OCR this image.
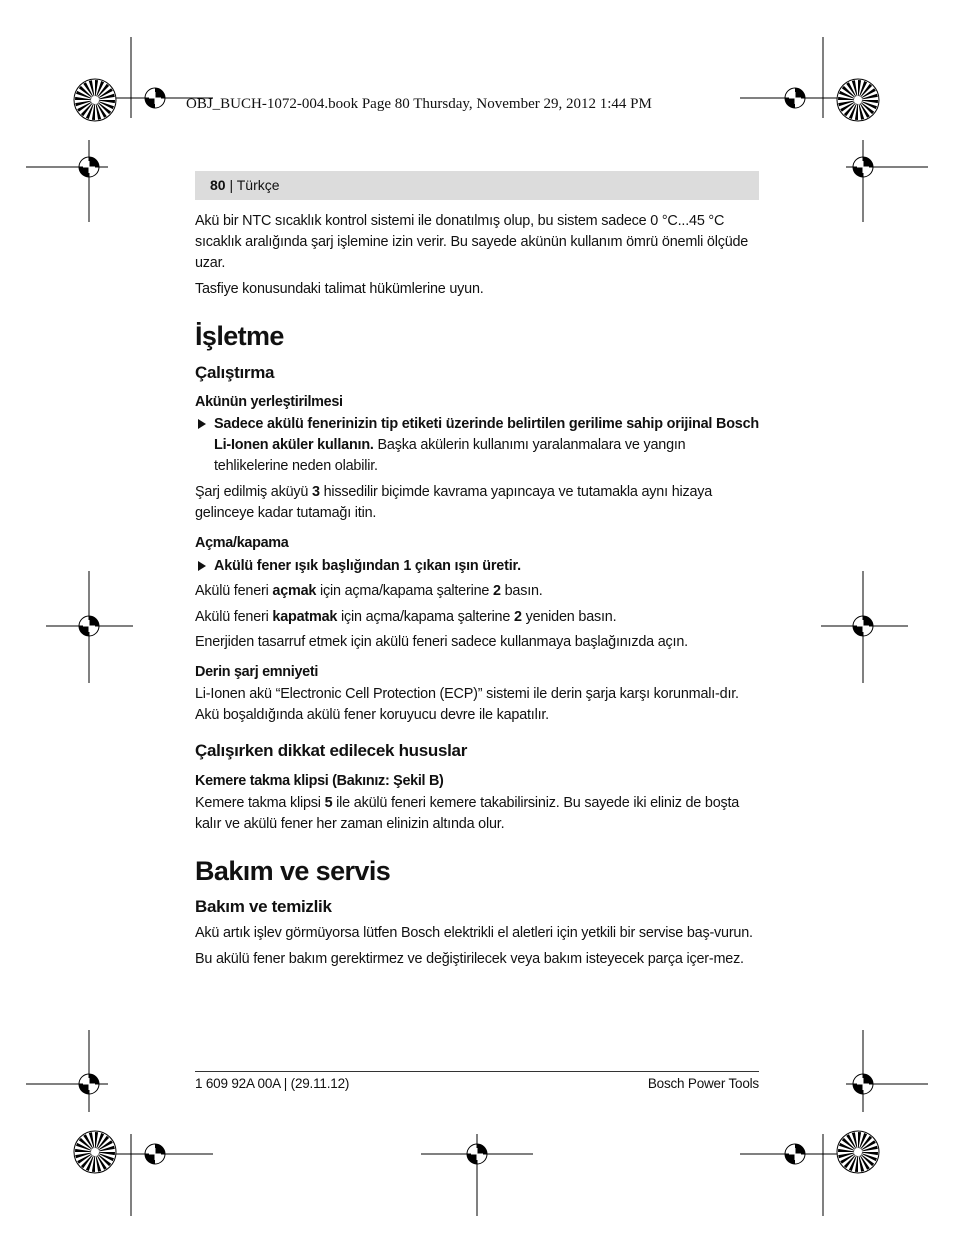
OBJ_BUCH-1072-004.book Page 80 Thursday, November 29, 2012 1:44 PM
80 | Türkçe

Akü bir NTC sıcaklık kontrol sistemi ile donatılmış olup, bu sistem sadece 0 °C...45 °C sıcaklık aralığında şarj işlemine izin verir. Bu sayede akünün kullanım ömrü önemli ölçüde uzar.

Tasfiye konusundaki talimat hükümlerine uyun.

İşletme
Çalıştırma
Akünün yerleştirilmesi

Sadece akülü fenerinizin tip etiketi üzerinde belirtilen gerilime sahip orijinal Bosch Li-Ionen aküler kullanın. Başka akülerin kullanımı yaralanmalara ve yangın tehlikelerine neden olabilir.

Şarj edilmiş aküyü 3 hissedilir biçimde kavrama yapıncaya ve tutamakla aynı hizaya gelinceye kadar tutamağı itin.

Açma/kapama

Akülü fener ışık başlığından 1 çıkan ışın üretir.

Akülü feneri açmak için açma/kapama şalterine 2 basın.

Akülü feneri kapatmak için açma/kapama şalterine 2 yeniden basın.

Enerjiden tasarruf etmek için akülü feneri sadece kullanmaya başlağınızda açın.

Derin şarj emniyeti

Li-Ionen akü “Electronic Cell Protection (ECP)” sistemi ile derin şarja karşı korunmalı-dır. Akü boşaldığında akülü fener koruyucu devre ile kapatılır.

Çalışırken dikkat edilecek hususlar
Kemere takma klipsi (Bakınız: Şekil B)

Kemere takma klipsi 5 ile akülü feneri kemere takabilirsiniz. Bu sayede iki eliniz de boşta kalır ve akülü fener her zaman elinizin altında olur.

Bakım ve servis
Bakım ve temizlik

Akü artık işlev görmüyorsa lütfen Bosch elektrikli el aletleri için yetkili bir servise baş-vurun.

Bu akülü fener bakım gerektirmez ve değiştirilecek veya bakım isteyecek parça içer-mez.

1 609 92A 00A | (29.11.12)	Bosch Power Tools
